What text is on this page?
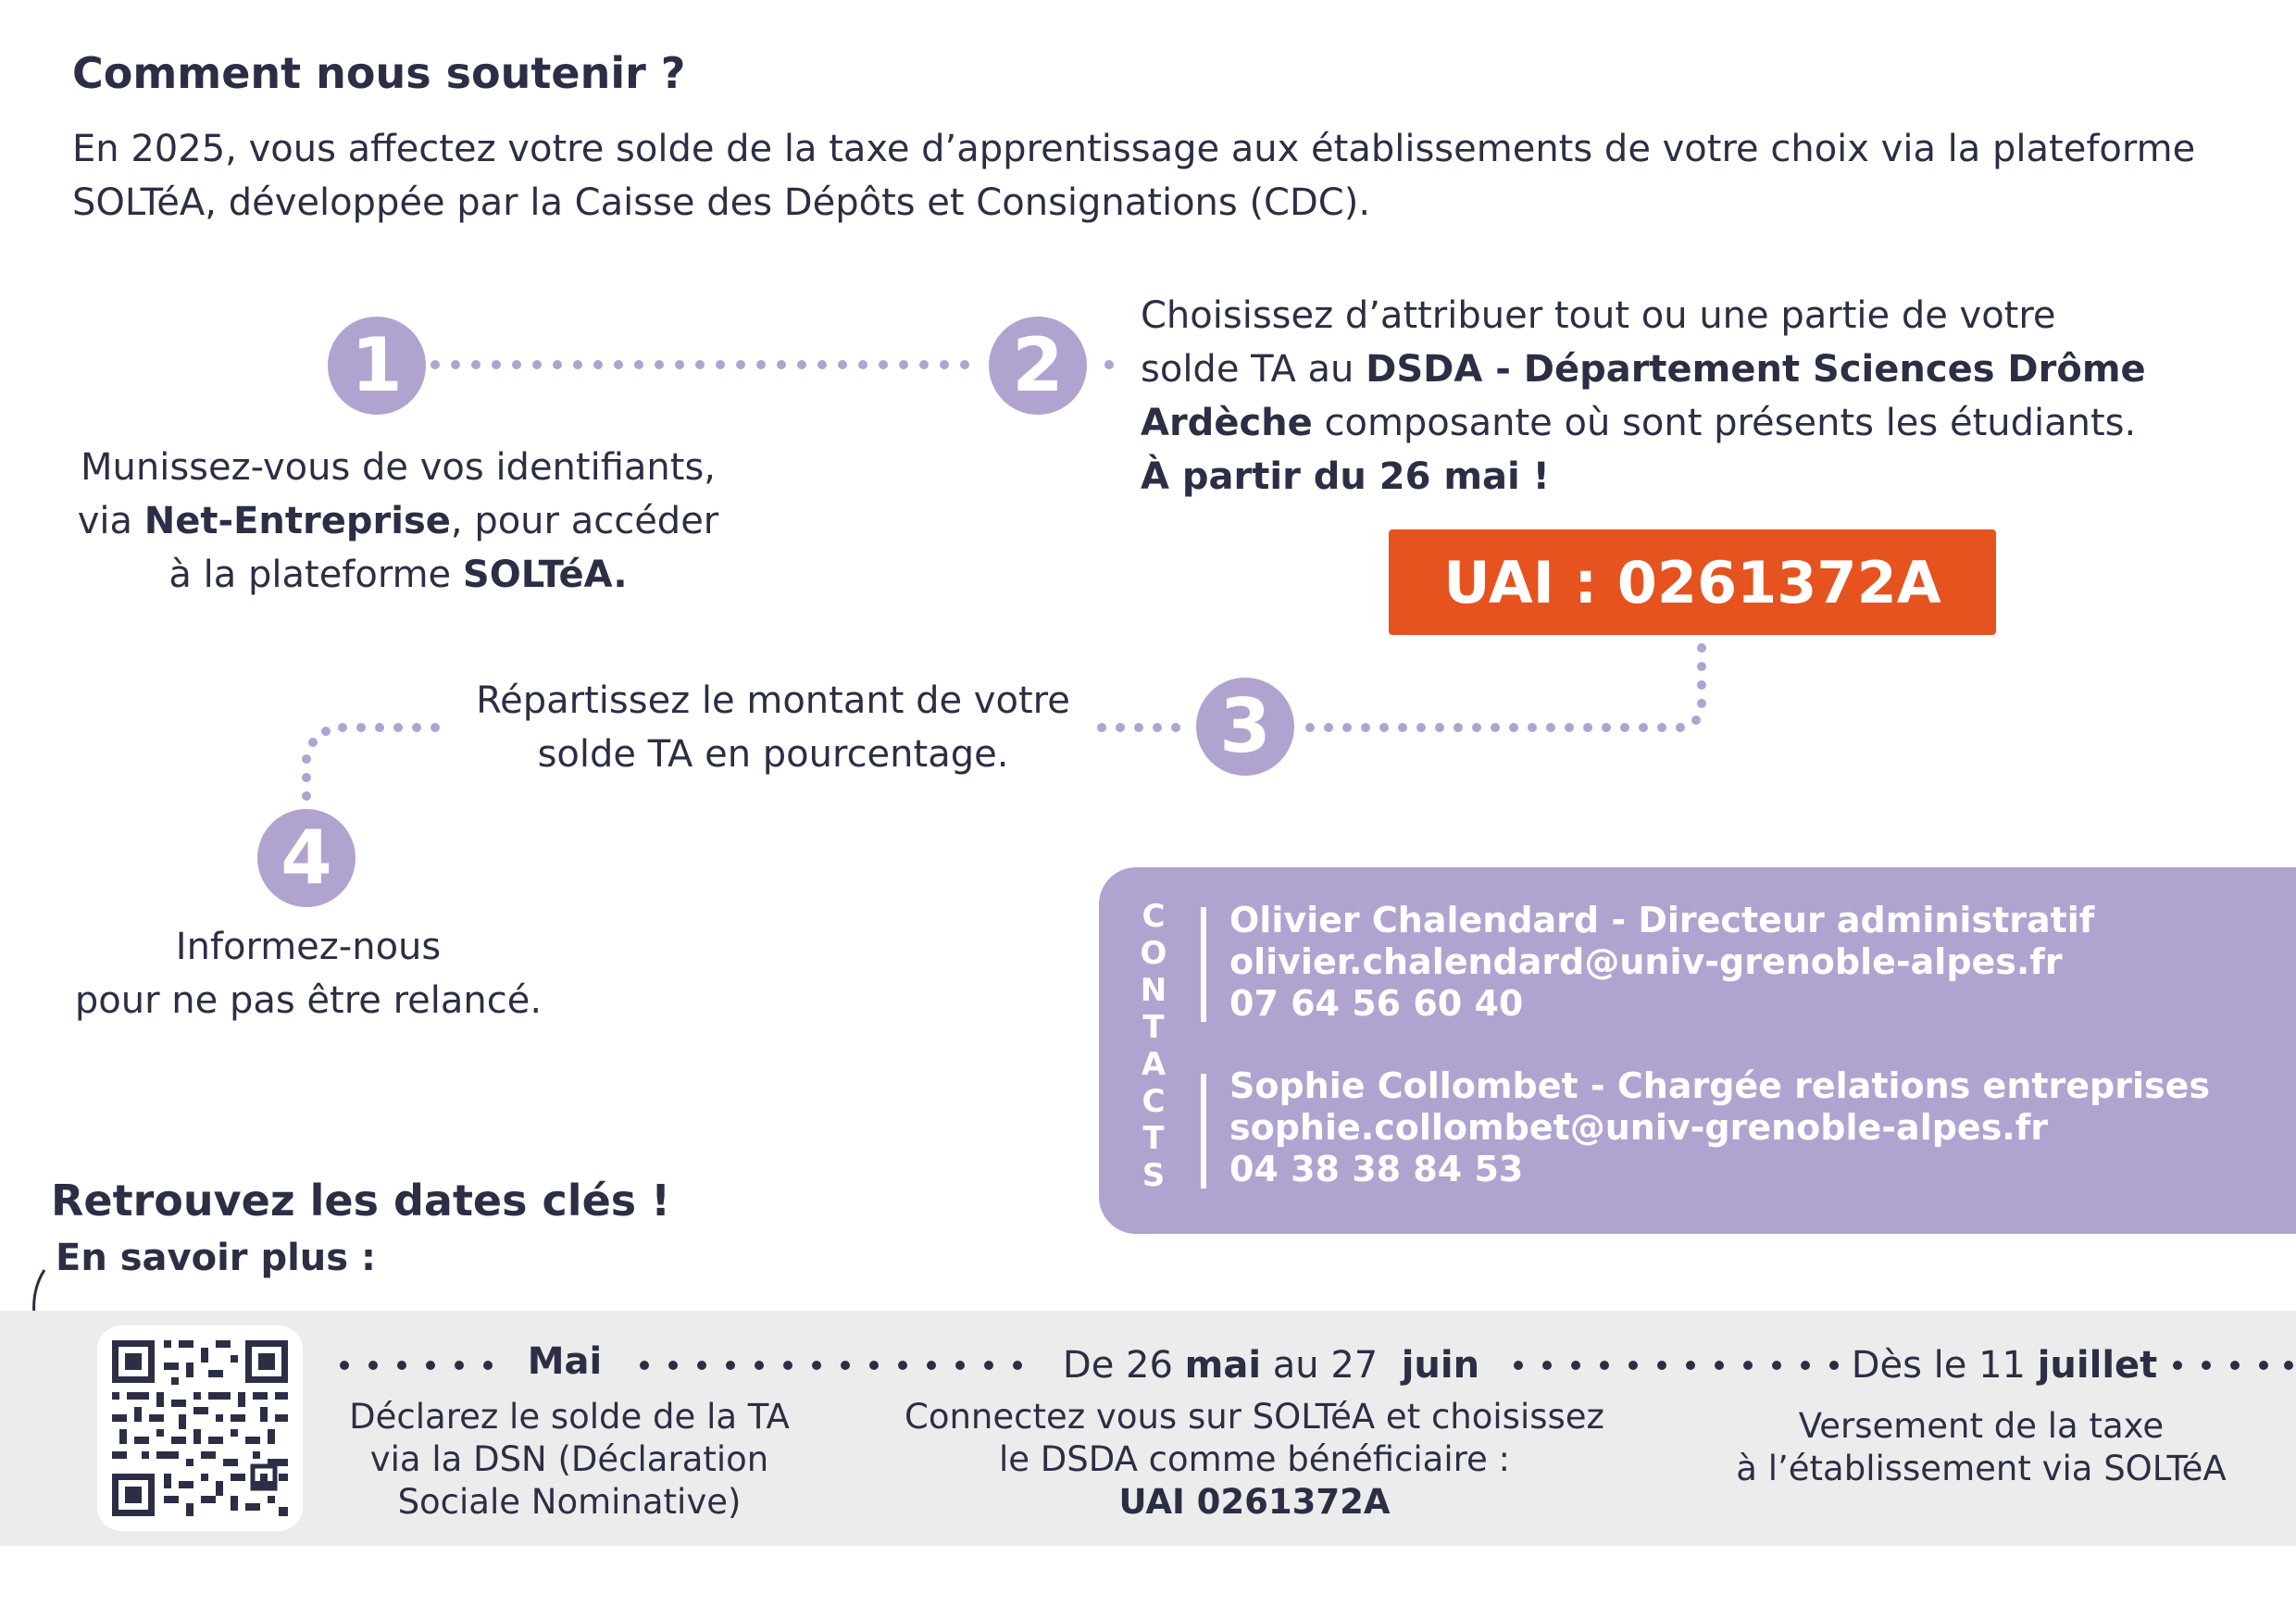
Comment nous soutenir ?
En 2025, vous affectez votre solde de la taxe d’apprentissage aux établissements de votre choix via la plateforme SOLTéA, développée par la Caisse des Dépôts et Consignations (CDC).
1	2
3
4
Munissez-vous de vos identifiants,
via Net-Entreprise, pour accéder
à la plateforme SOLTéA.
Choisissez d’attribuer tout ou une partie de votre
solde TA au DSDA - Département Sciences Drôme
Ardèche composante où sont présents les étudiants.
À partir du 26 mai !
UAI : 0261372A
Répartissez le montant de votre
solde TA en pourcentage.
Informez-nous
pour ne pas être relancé.
C
O
N
T
A
C
T
S
Olivier Chalendard - Directeur administratif
olivier.chalendard@univ-grenoble-alpes.fr
07 64 56 60 40
Sophie Collombet - Chargée relations entreprises
sophie.collombet@univ-grenoble-alpes.fr
04 38 38 84 53
Retrouvez les dates clés !
En savoir plus :
Mai
Déclarez le solde de la TA
via la DSN (Déclaration
Sociale Nominative)
De 26 mai au 27  juin
Connectez vous sur SOLTéA et choisissez
le DSDA comme bénéficiaire :
UAI 0261372A
Dès le 11 juillet
Versement de la taxe
à l’établissement via SOLTéA
